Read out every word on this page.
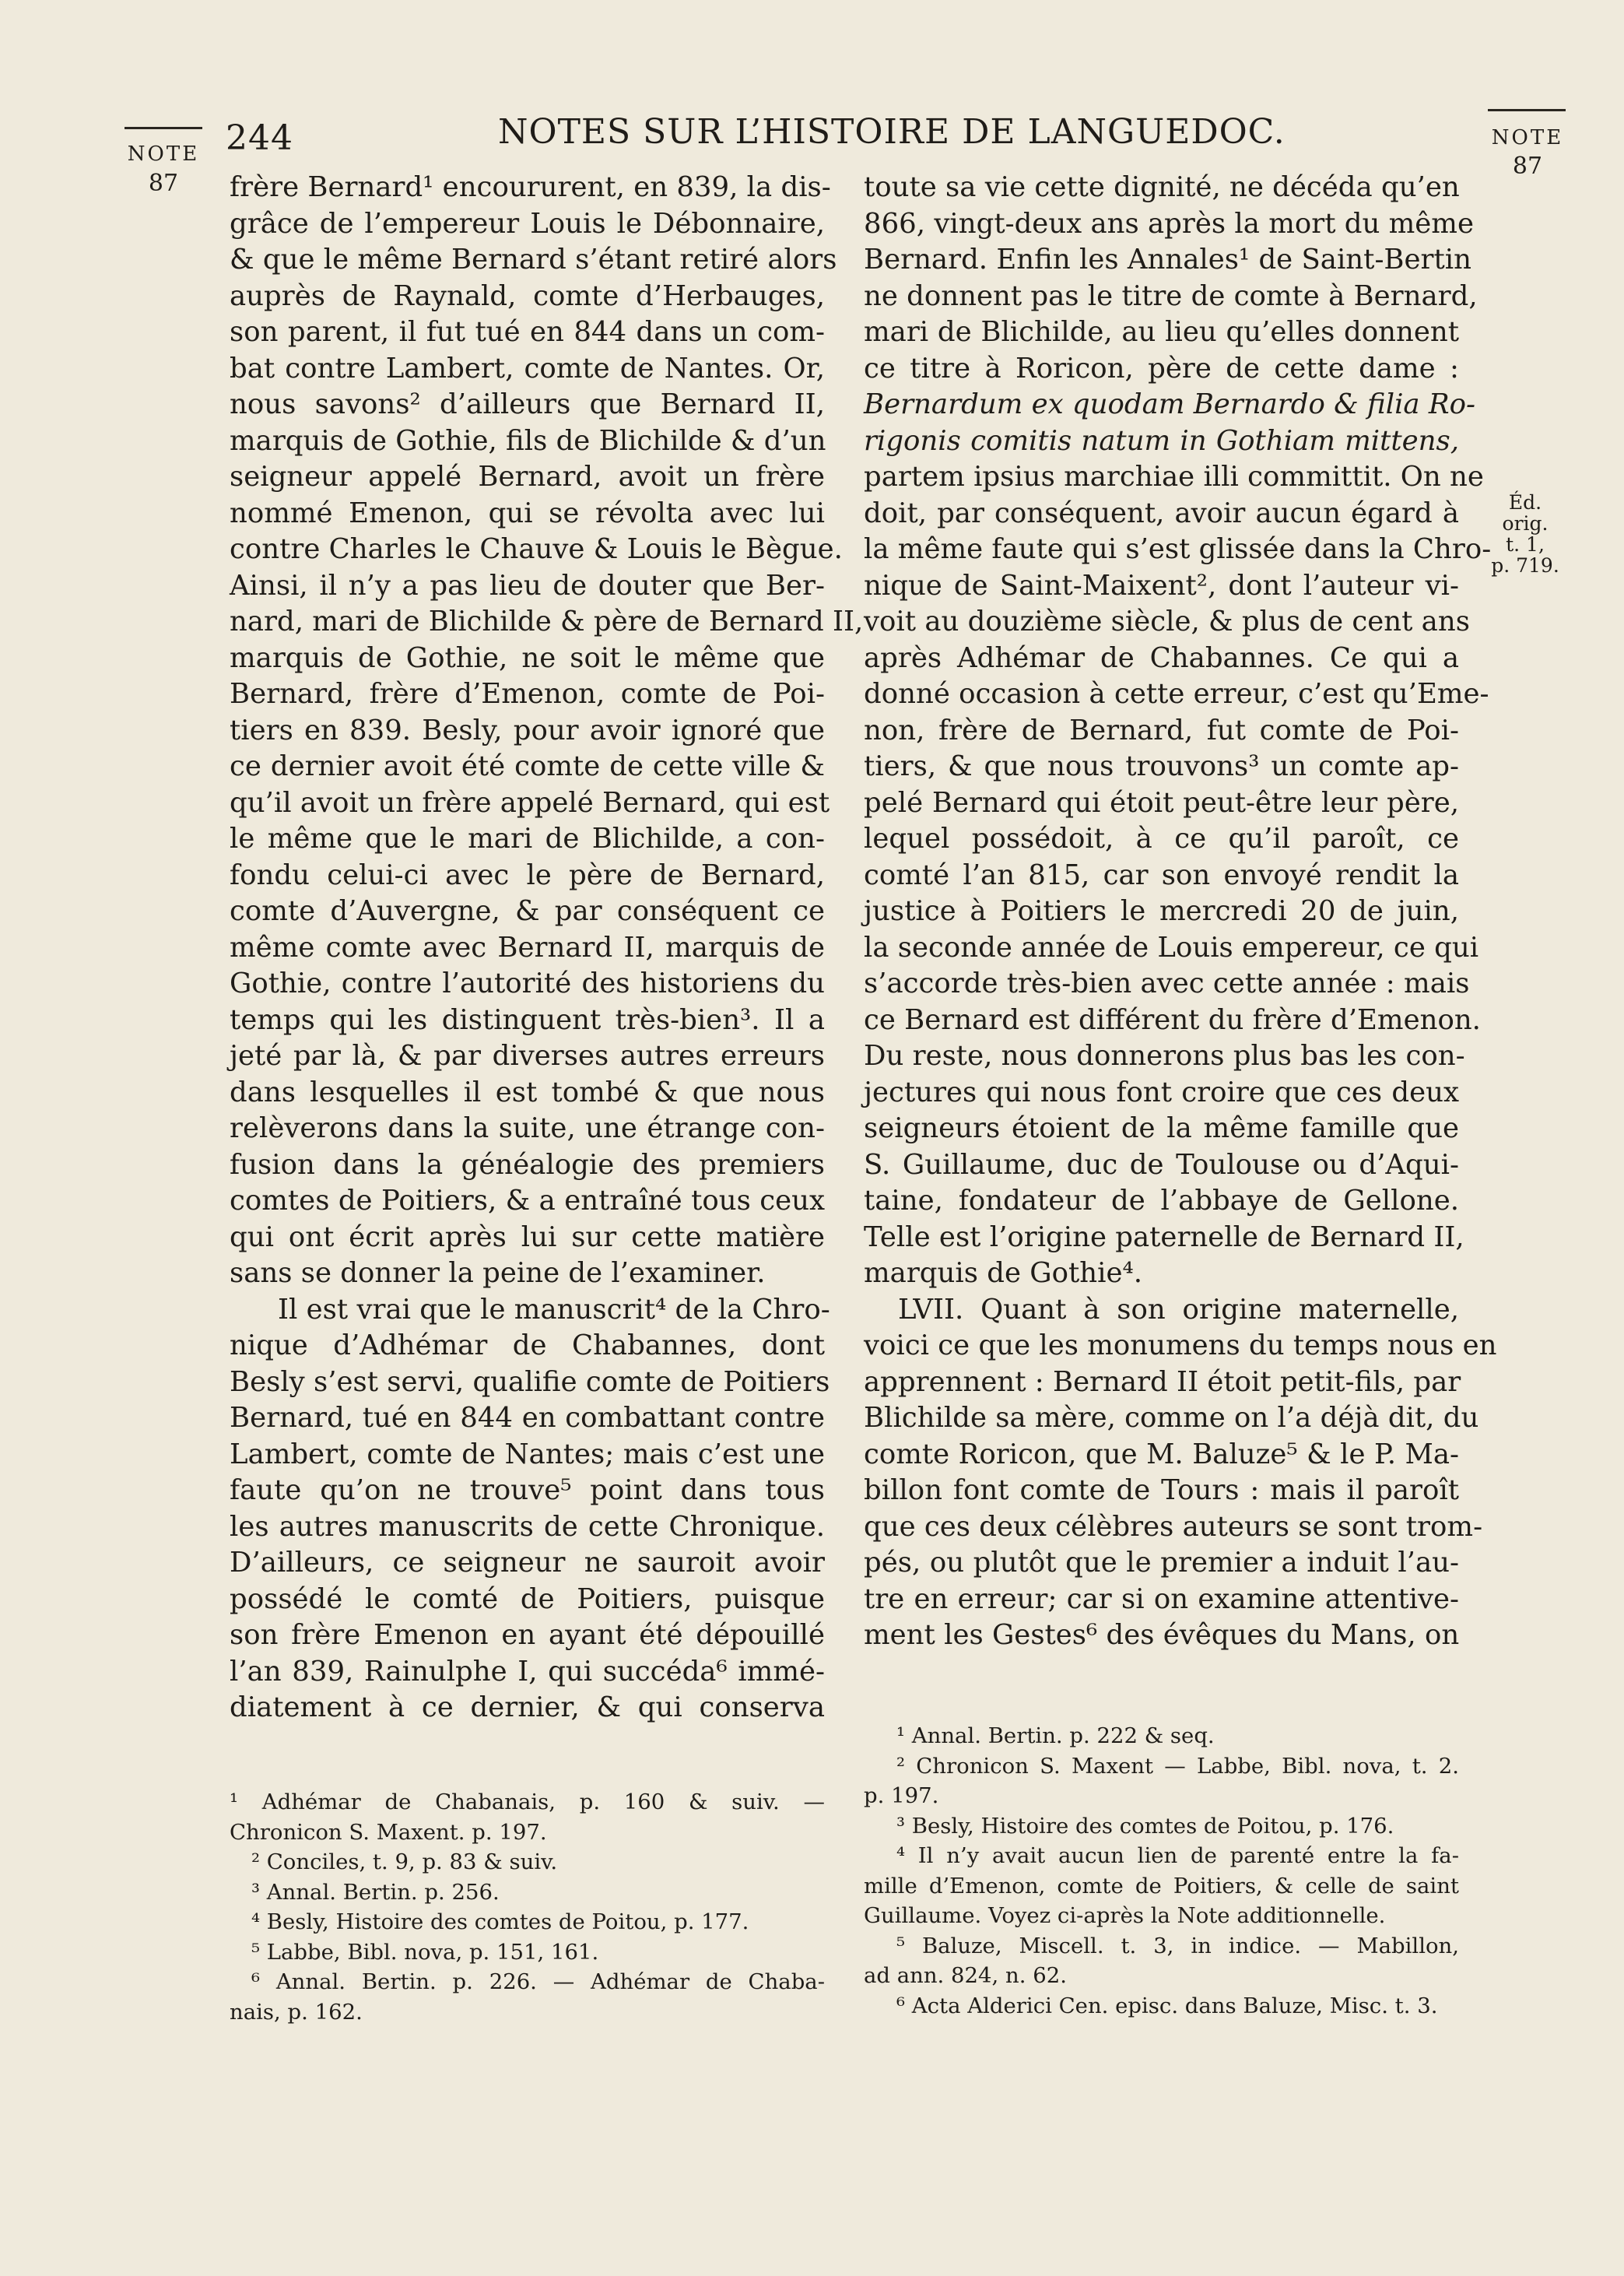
NOTE
87
NOTE
87
244	NOTES SUR L’HISTOIRE DE LANGUEDOC.
Éd. orig.
t. 1,
p. 719.
frère Bernard¹ encoururent, en 839, la dis-
grâce de l’empereur Louis le Débonnaire,
& que le même Bernard s’étant retiré alors
auprès de Raynald, comte d’Herbauges,
son parent, il fut tué en 844 dans un com-
bat contre Lambert, comte de Nantes. Or,
nous savons² d’ailleurs que Bernard II,
marquis de Gothie, fils de Blichilde & d’un
seigneur appelé Bernard, avoit un frère
nommé Emenon, qui se révolta avec lui
contre Charles le Chauve & Louis le Bègue.
Ainsi, il n’y a pas lieu de douter que Ber-
nard, mari de Blichilde & père de Bernard II,
marquis de Gothie, ne soit le même que
Bernard, frère d’Emenon, comte de Poi-
tiers en 839. Besly, pour avoir ignoré que
ce dernier avoit été comte de cette ville &
qu’il avoit un frère appelé Bernard, qui est
le même que le mari de Blichilde, a con-
fondu celui-ci avec le père de Bernard,
comte d’Auvergne, & par conséquent ce
même comte avec Bernard II, marquis de
Gothie, contre l’autorité des historiens du
temps qui les distinguent très-bien³. Il a
jeté par là, & par diverses autres erreurs
dans lesquelles il est tombé & que nous
relèverons dans la suite, une étrange con-
fusion dans la généalogie des premiers
comtes de Poitiers, & a entraîné tous ceux
qui ont écrit après lui sur cette matière
sans se donner la peine de l’examiner.
Il est vrai que le manuscrit⁴ de la Chro-
nique d’Adhémar de Chabannes, dont
Besly s’est servi, qualifie comte de Poitiers
Bernard, tué en 844 en combattant contre
Lambert, comte de Nantes; mais c’est une
faute qu’on ne trouve⁵ point dans tous
les autres manuscrits de cette Chronique.
D’ailleurs, ce seigneur ne sauroit avoir
possédé le comté de Poitiers, puisque
son frère Emenon en ayant été dépouillé
l’an 839, Rainulphe I, qui succéda⁶ immé-
diatement à ce dernier, & qui conserva
toute sa vie cette dignité, ne décéda qu’en
866, vingt-deux ans après la mort du même
Bernard. Enfin les Annales¹ de Saint-Bertin
ne donnent pas le titre de comte à Bernard,
mari de Blichilde, au lieu qu’elles donnent
ce titre à Roricon, père de cette dame :
Bernardum ex quodam Bernardo & filia Ro-
rigonis comitis natum in Gothiam mittens,
partem ipsius marchiae illi committit. On ne
doit, par conséquent, avoir aucun égard à
la même faute qui s’est glissée dans la Chro-
nique de Saint-Maixent², dont l’auteur vi-
voit au douzième siècle, & plus de cent ans
après Adhémar de Chabannes. Ce qui a
donné occasion à cette erreur, c’est qu’Eme-
non, frère de Bernard, fut comte de Poi-
tiers, & que nous trouvons³ un comte ap-
pelé Bernard qui étoit peut-être leur père,
lequel possédoit, à ce qu’il paroît, ce
comté l’an 815, car son envoyé rendit la
justice à Poitiers le mercredi 20 de juin,
la seconde année de Louis empereur, ce qui
s’accorde très-bien avec cette année : mais
ce Bernard est différent du frère d’Emenon.
Du reste, nous donnerons plus bas les con-
jectures qui nous font croire que ces deux
seigneurs étoient de la même famille que
S. Guillaume, duc de Toulouse ou d’Aqui-
taine, fondateur de l’abbaye de Gellone.
Telle est l’origine paternelle de Bernard II,
marquis de Gothie⁴.
LVII. Quant à son origine maternelle,
voici ce que les monumens du temps nous en
apprennent : Bernard II étoit petit-fils, par
Blichilde sa mère, comme on l’a déjà dit, du
comte Roricon, que M. Baluze⁵ & le P. Ma-
billon font comte de Tours : mais il paroît
que ces deux célèbres auteurs se sont trom-
pés, ou plutôt que le premier a induit l’au-
tre en erreur; car si on examine attentive-
ment les Gestes⁶ des évêques du Mans, on
¹ Adhémar de Chabanais, p. 160 & suiv. —
Chronicon S. Maxent. p. 197.
² Conciles, t. 9, p. 83 & suiv.
³ Annal. Bertin. p. 256.
⁴ Besly, Histoire des comtes de Poitou, p. 177.
⁵ Labbe, Bibl. nova, p. 151, 161.
⁶ Annal. Bertin. p. 226. — Adhémar de Chaba-
nais, p. 162.
¹ Annal. Bertin. p. 222 & seq.
² Chronicon S. Maxent — Labbe, Bibl. nova, t. 2.
p. 197.
³ Besly, Histoire des comtes de Poitou, p. 176.
⁴ Il n’y avait aucun lien de parenté entre la fa-
mille d’Emenon, comte de Poitiers, & celle de saint
Guillaume. Voyez ci-après la Note additionnelle.
⁵ Baluze, Miscell. t. 3, in indice. — Mabillon,
ad ann. 824, n. 62.
⁶ Acta Alderici Cen. episc. dans Baluze, Misc. t. 3.
